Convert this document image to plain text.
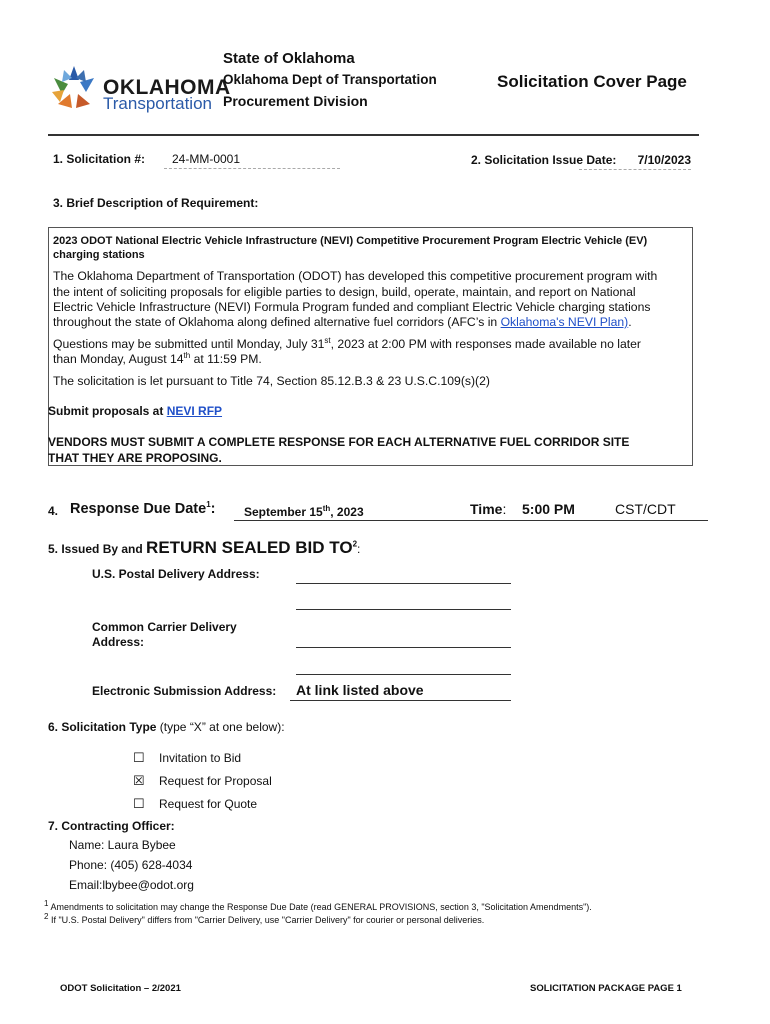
OKLAHOMA
Transportation
State of Oklahoma
Oklahoma Dept of Transportation
Procurement Division
Solicitation Cover Page
1. Solicitation #:	24-MM-0001	2. Solicitation Issue Date:	7/10/2023
3. Brief Description of Requirement:
2023 ODOT National Electric Vehicle Infrastructure (NEVI) Competitive Procurement Program Electric Vehicle (EV)
charging stations
The Oklahoma Department of Transportation (ODOT) has developed this competitive procurement program with
the intent of soliciting proposals for eligible parties to design, build, operate, maintain, and report on National
Electric Vehicle Infrastructure (NEVI) Formula Program funded and compliant Electric Vehicle charging stations
throughout the state of Oklahoma along defined alternative fuel corridors (AFC’s in Oklahoma's NEVI Plan).
Questions may be submitted until Monday, July 31st, 2023 at 2:00 PM with responses made available no later
than Monday, August 14th at 11:59 PM.
The solicitation is let pursuant to Title 74, Section 85.12.B.3 & 23 U.S.C.109(s)(2)
Submit proposals at NEVI RFP
VENDORS MUST SUBMIT A COMPLETE RESPONSE FOR EACH ALTERNATIVE FUEL CORRIDOR SITE
THAT THEY ARE PROPOSING.
4. Response Due Date$^1$: September 15th, 2023	Time: 5:00 PM	CST/CDT
5. Issued By and RETURN SEALED BID $TO^2$:
U.S. Postal Delivery Address:
Common Carrier Delivery
Address:
Electronic Submission Address: At link listed above
6. Solicitation Type (type “X” at one below):
☐ Invitation to Bid
☒ Request for Proposal
☐ Request for Quote
7. Contracting Officer:
Name: Laura Bybee
Phone: (405) 628-4034
Email:lbybee@odot.org
$^1$ Amendments to solicitation may change the Response Due Date (read GENERAL PROVISIONS, section 3, "Solicitation Amendments").
$^2$ If "U.S. Postal Delivery" differs from "Carrier Delivery, use "Carrier Delivery" for courier or personal deliveries.
ODOT Solicitation – 2/2021	SOLICITATION PACKAGE PAGE 1
